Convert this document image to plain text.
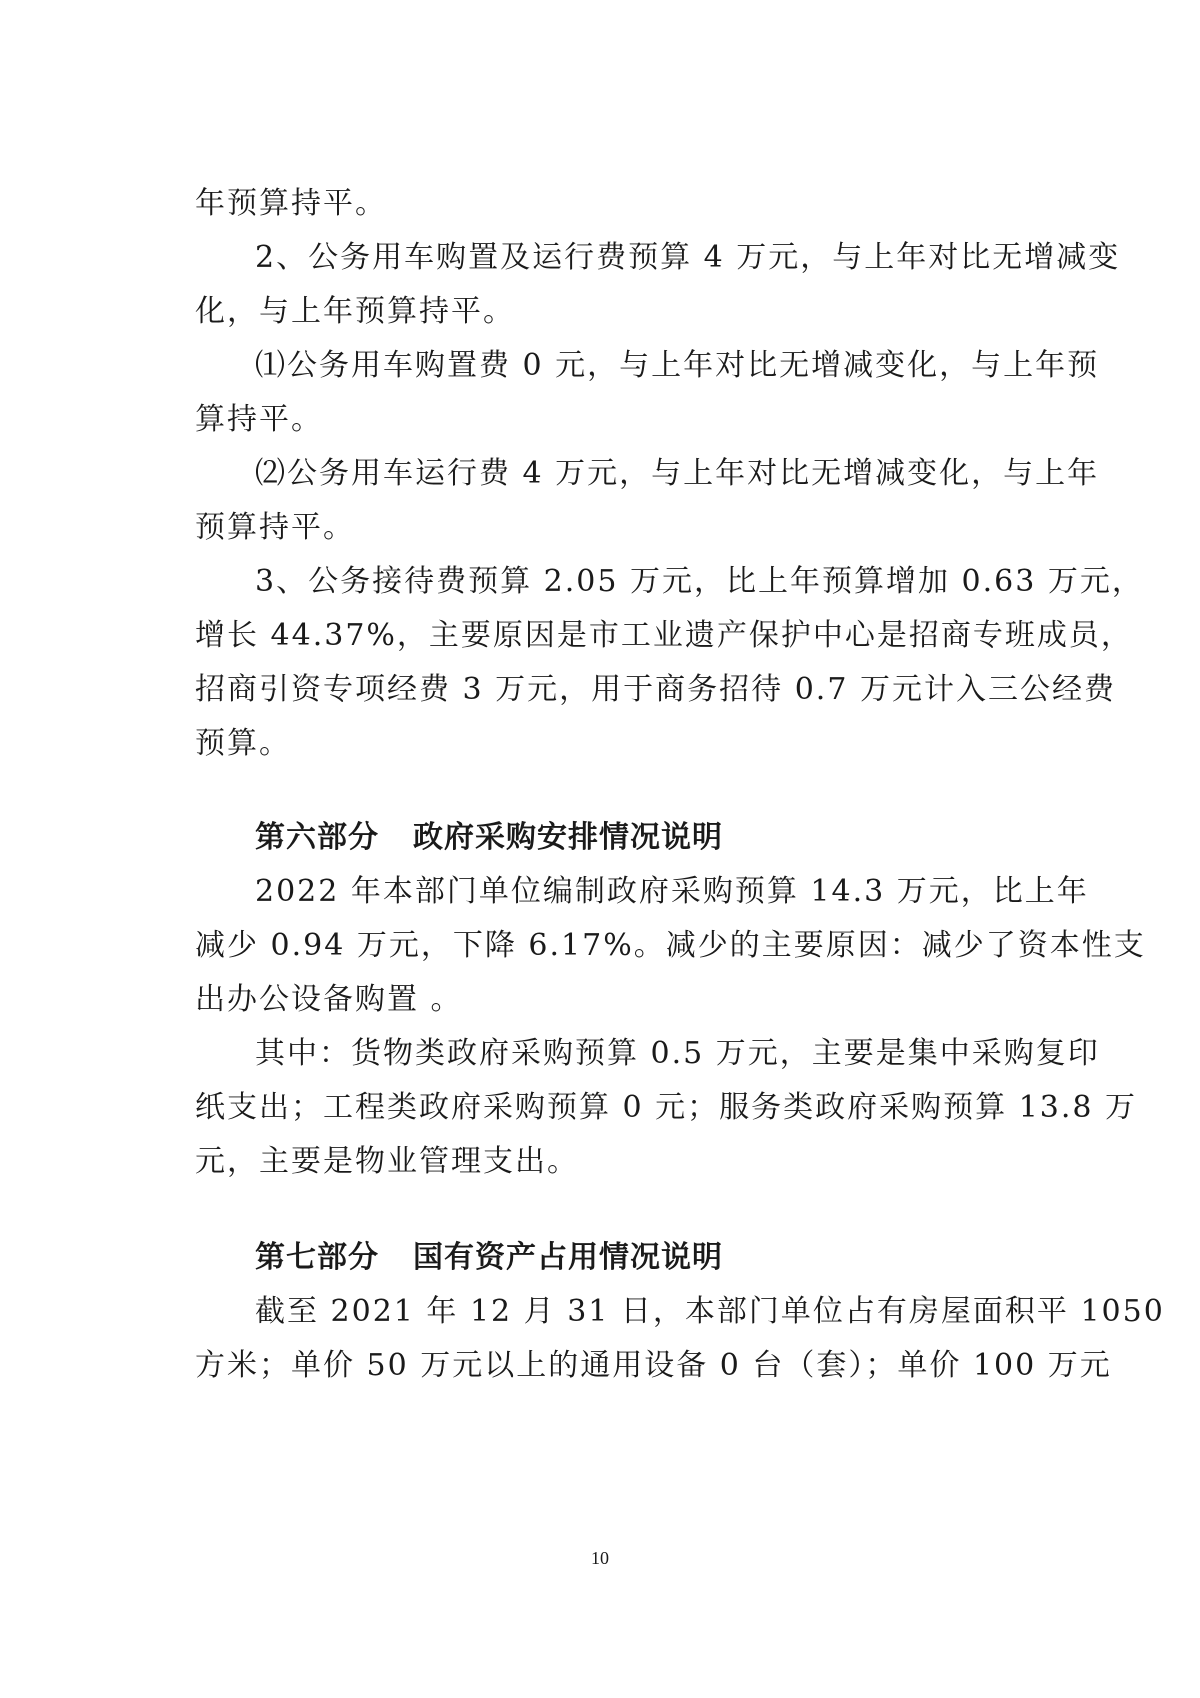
年预算持平。
2、公务用车购置及运行费预算 4 万元，与上年对比无增减变
化，与上年预算持平。
⑴公务用车购置费 0 元，与上年对比无增减变化，与上年预
算持平。
⑵公务用车运行费 4 万元，与上年对比无增减变化，与上年
预算持平。
3、公务接待费预算 2.05 万元，比上年预算增加 0.63 万元，
增长 44.37%，主要原因是市工业遗产保护中心是招商专班成员，
招商引资专项经费 3 万元，用于商务招待 0.7 万元计入三公经费
预算。
第六部分 政府采购安排情况说明
2022 年本部门单位编制政府采购预算 14.3 万元，比上年
减少 0.94 万元，下降 6.17%。减少的主要原因：减少了资本性支
出办公设备购置 。
其中：货物类政府采购预算 0.5 万元，主要是集中采购复印
纸支出；工程类政府采购预算 0 元；服务类政府采购预算 13.8 万
元，主要是物业管理支出。
第七部分 国有资产占用情况说明
截至 2021 年 12 月 31 日，本部门单位占有房屋面积平 1050
方米；单价 50 万元以上的通用设备 0 台（套）；单价 100 万元
10
